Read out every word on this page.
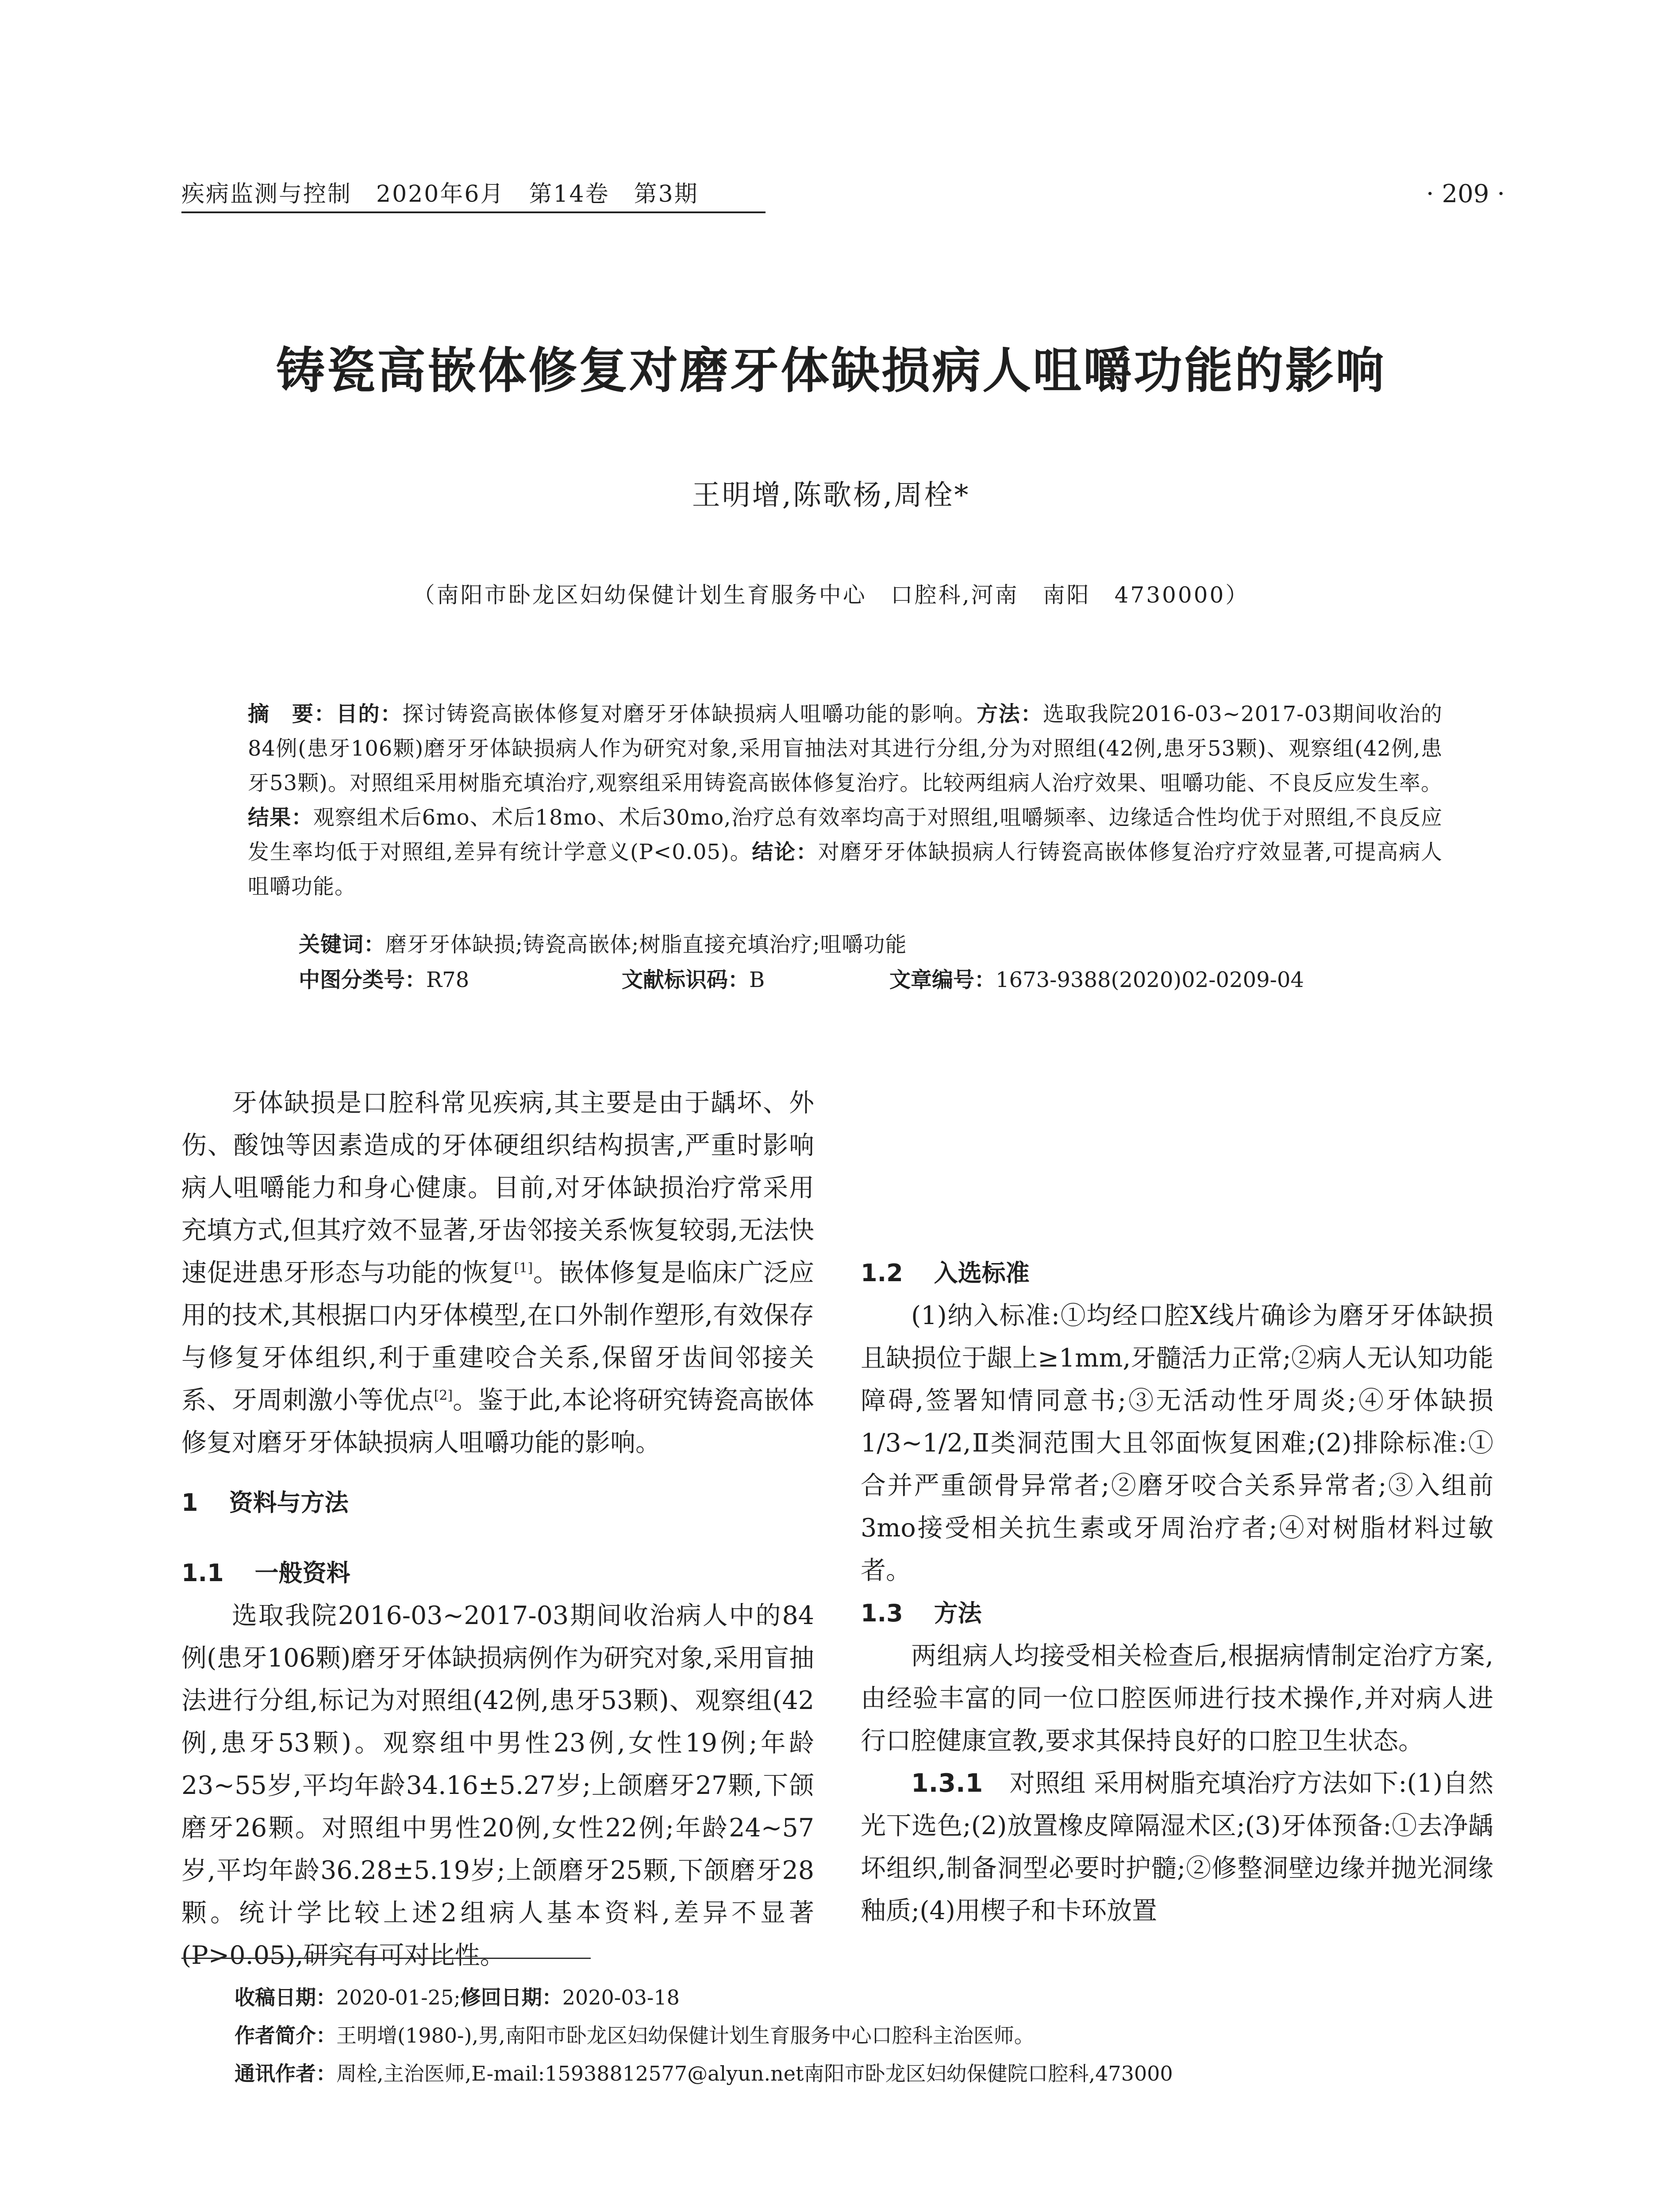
疾病监测与控制　2020年6月　第14卷　第3期	· 209 ·
铸瓷高嵌体修复对磨牙体缺损病人咀嚼功能的影响
王明增,陈歌杨,周栓*
（南阳市卧龙区妇幼保健计划生育服务中心　口腔科,河南　南阳　4730000）
摘　要：目的：探讨铸瓷高嵌体修复对磨牙牙体缺损病人咀嚼功能的影响。方法：选取我院2016-03~2017-03期间收治的84例(患牙106颗)磨牙牙体缺损病人作为研究对象,采用盲抽法对其进行分组,分为对照组(42例,患牙53颗)、观察组(42例,患牙53颗)。对照组采用树脂充填治疗,观察组采用铸瓷高嵌体修复治疗。比较两组病人治疗效果、咀嚼功能、不良反应发生率。结果：观察组术后6mo、术后18mo、术后30mo,治疗总有效率均高于对照组,咀嚼频率、边缘适合性均优于对照组,不良反应发生率均低于对照组,差异有统计学意义(P<0.05)。结论：对磨牙牙体缺损病人行铸瓷高嵌体修复治疗疗效显著,可提高病人咀嚼功能。
关键词：磨牙牙体缺损;铸瓷高嵌体;树脂直接充填治疗;咀嚼功能
中图分类号：R78	文献标识码：B	文章编号：1673-9388(2020)02-0209-04

牙体缺损是口腔科常见疾病,其主要是由于龋坏、外伤、酸蚀等因素造成的牙体硬组织结构损害,严重时影响病人咀嚼能力和身心健康。目前,对牙体缺损治疗常采用充填方式,但其疗效不显著,牙齿邻接关系恢复较弱,无法快速促进患牙形态与功能的恢复[1]。嵌体修复是临床广泛应用的技术,其根据口内牙体模型,在口外制作塑形,有效保存与修复牙体组织,利于重建咬合关系,保留牙齿间邻接关系、牙周刺激小等优点[2]。鉴于此,本论将研究铸瓷高嵌体修复对磨牙牙体缺损病人咀嚼功能的影响。

1 资料与方法
1.1 一般资料

选取我院2016-03~2017-03期间收治病人中的84例(患牙106颗)磨牙牙体缺损病例作为研究对象,采用盲抽法进行分组,标记为对照组(42例,患牙53颗)、观察组(42例,患牙53颗)。观察组中男性23例,女性19例;年龄23~55岁,平均年龄34.16±5.27岁;上颌磨牙27颗,下颌磨牙26颗。对照组中男性20例,女性22例;年龄24~57岁,平均年龄36.28±5.19岁;上颌磨牙25颗,下颌磨牙28颗。统计学比较上述2组病人基本资料,差异不显著(P>0.05),研究有可对比性。

收稿日期：2020-01-25;修回日期：2020-03-18
作者简介：王明增(1980-),男,南阳市卧龙区妇幼保健计划生育服务中心口腔科主治医师。
通讯作者：周栓,主治医师,E-mail:15938812577@alyun.net南阳市卧龙区妇幼保健院口腔科,473000
1.2 入选标准

(1)纳入标准:①均经口腔X线片确诊为磨牙牙体缺损且缺损位于龈上≥1mm,牙髓活力正常;②病人无认知功能障碍,签署知情同意书;③无活动性牙周炎;④牙体缺损1/3~1/2,Ⅱ类洞范围大且邻面恢复困难;(2)排除标准:①合并严重颌骨异常者;②磨牙咬合关系异常者;③入组前3mo接受相关抗生素或牙周治疗者;④对树脂材料过敏者。

1.3 方法

两组病人均接受相关检查后,根据病情制定治疗方案,由经验丰富的同一位口腔医师进行技术操作,并对病人进行口腔健康宣教,要求其保持良好的口腔卫生状态。

1.3.1 对照组 采用树脂充填治疗方法如下:(1)自然光下选色;(2)放置橡皮障隔湿术区;(3)牙体预备:①去净龋坏组织,制备洞型必要时护髓;②修整洞壁边缘并抛光洞缘釉质;(4)用楔子和卡环放置
